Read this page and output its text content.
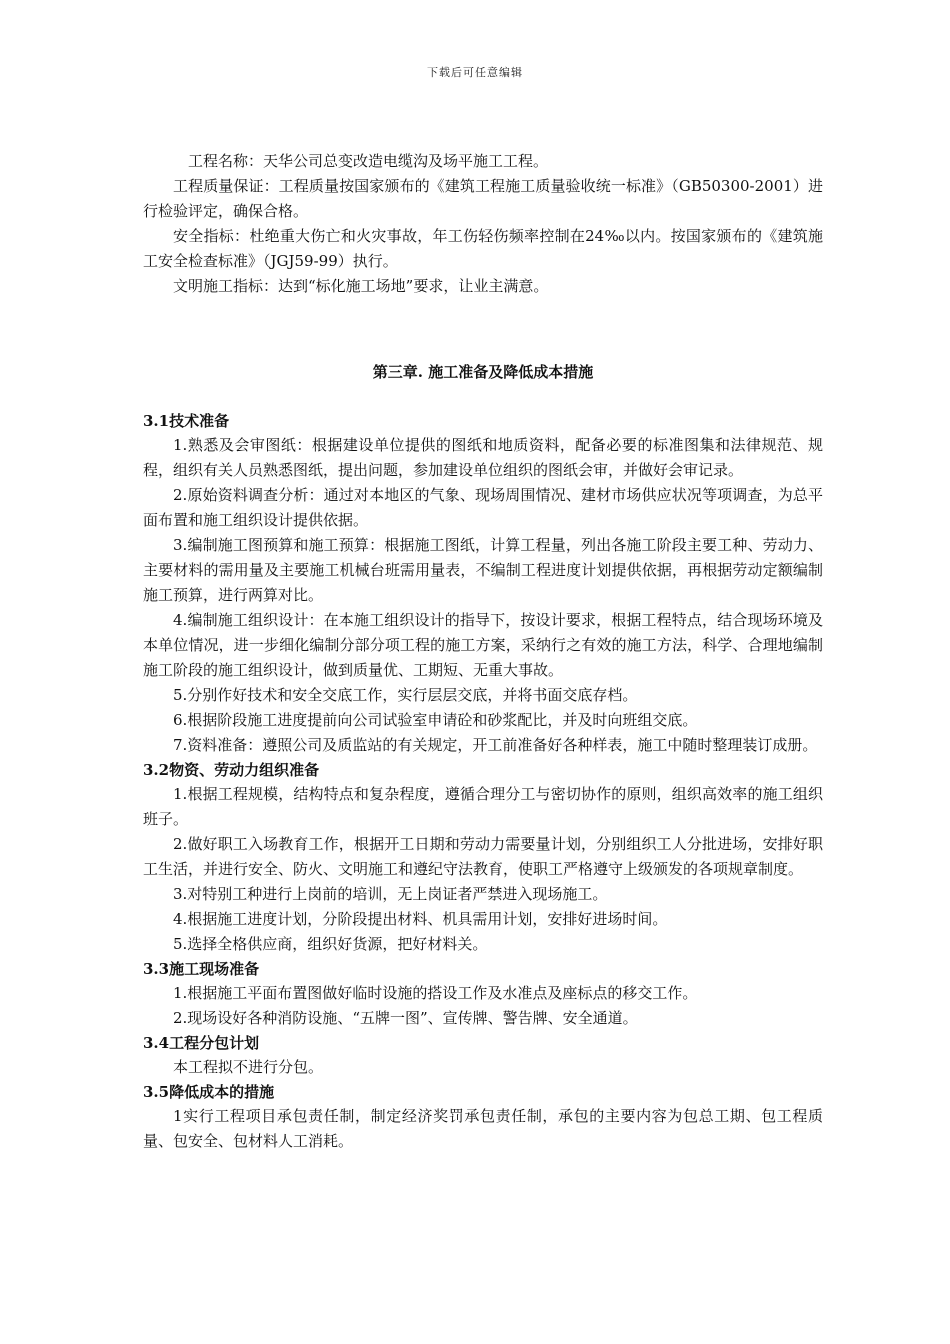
下载后可任意编辑

工程名称：天华公司总变改造电缆沟及场平施工工程。

工程质量保证：工程质量按国家颁布的《建筑工程施工质量验收统一标准》（GB50300-2001）进行检验评定，确保合格。

安全指标：杜绝重大伤亡和火灾事故，年工伤轻伤频率控制在24‰以内。按国家颁布的《建筑施工安全检查标准》（JGJ59-99）执行。

文明施工指标：达到“标化施工场地”要求，让业主满意。

第三章. 施工准备及降低成本措施
3.1技术准备

1.熟悉及会审图纸：根据建设单位提供的图纸和地质资料，配备必要的标准图集和法律规范、规程，组织有关人员熟悉图纸，提出问题，参加建设单位组织的图纸会审，并做好会审记录。

2.原始资料调查分析：通过对本地区的气象、现场周围情况、建材市场供应状况等项调查，为总平面布置和施工组织设计提供依据。

3.编制施工图预算和施工预算：根据施工图纸，计算工程量，列出各施工阶段主要工种、劳动力、主要材料的需用量及主要施工机械台班需用量表，不编制工程进度计划提供依据，再根据劳动定额编制施工预算，进行两算对比。

4.编制施工组织设计：在本施工组织设计的指导下，按设计要求，根据工程特点，结合现场环境及本单位情况，进一步细化编制分部分项工程的施工方案，采纳行之有效的施工方法，科学、合理地编制施工阶段的施工组织设计，做到质量优、工期短、无重大事故。

5.分别作好技术和安全交底工作，实行层层交底，并将书面交底存档。

6.根据阶段施工进度提前向公司试验室申请砼和砂浆配比，并及时向班组交底。

7.资料准备：遵照公司及质监站的有关规定，开工前准备好各种样表，施工中随时整理装订成册。

3.2物资、劳动力组织准备

1.根据工程规模，结构特点和复杂程度，遵循合理分工与密切协作的原则，组织高效率的施工组织班子。

2.做好职工入场教育工作，根据开工日期和劳动力需要量计划，分别组织工人分批进场，安排好职工生活，并进行安全、防火、文明施工和遵纪守法教育，使职工严格遵守上级颁发的各项规章制度。

3.对特别工种进行上岗前的培训，无上岗证者严禁进入现场施工。

4.根据施工进度计划，分阶段提出材料、机具需用计划，安排好进场时间。

5.选择全格供应商，组织好货源，把好材料关。

3.3施工现场准备

1.根据施工平面布置图做好临时设施的搭设工作及水准点及座标点的移交工作。

2.现场设好各种消防设施、“五牌一图”、宣传牌、警告牌、安全通道。

3.4工程分包计划

本工程拟不进行分包。

3.5降低成本的措施

1实行工程项目承包责任制，制定经济奖罚承包责任制，承包的主要内容为包总工期、包工程质量、包安全、包材料人工消耗。
